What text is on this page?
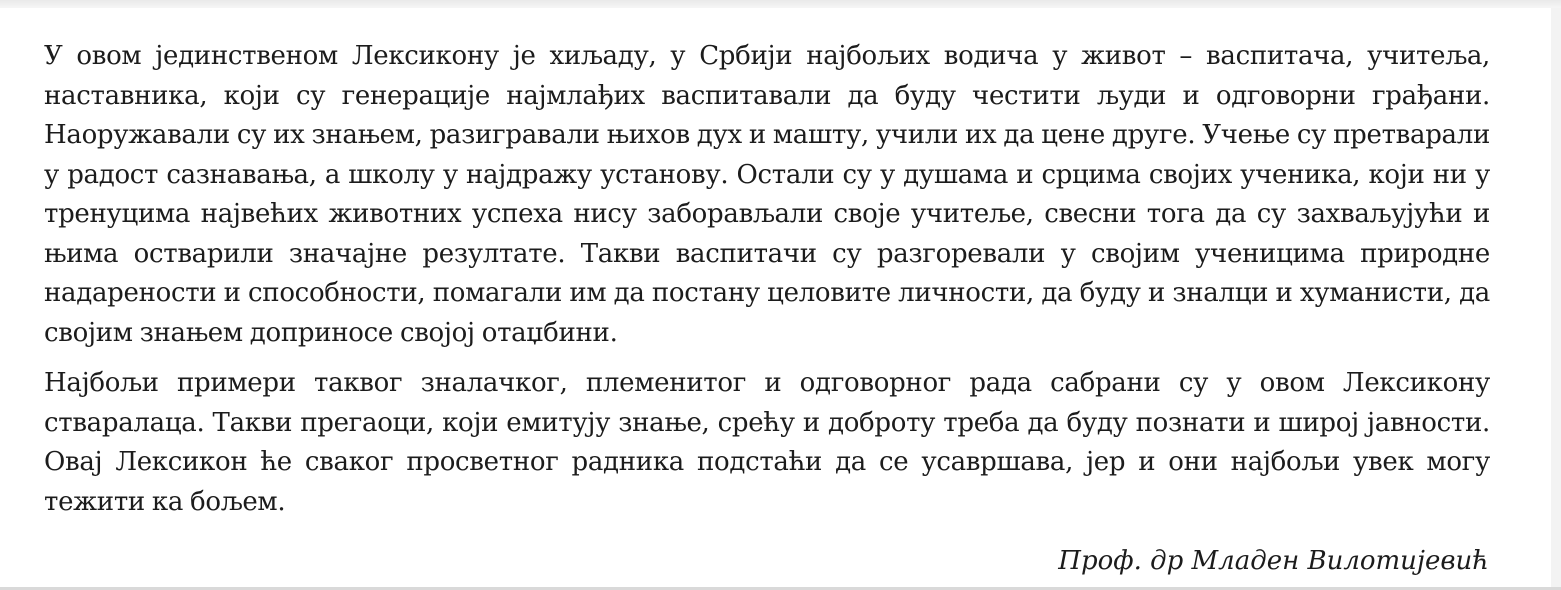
У овом јединственом Лексикону је хиљаду, у Србији најбољих водича у живот – васпитача, учитеља, наставника, који су генерације најмлађих васпитавали да буду честити људи и одговорни грађани. Наоружавали су их знањем, разигравали њихов дух и машту, учили их да цене друге. Учење су претварали у радост сазнавања, а школу у најдражу установу. Остали су у душама и срцима својих ученика, који ни у тренуцима највећих животних успеха нису заборављали своје учитеље, свесни тога да су захваљујући и њима остварили значајне резултате. Такви васпитачи су разгоревали у својим ученицима природне надарености и способности, помагали им да постану целовите личности, да буду и зналци и хуманисти, да својим знањем доприносе својој отаџбини.

Најбољи примери таквог зналачког, племенитог и одговорног рада сабрани су у овом Лексикону стваралаца. Такви прегаоци, који емитују знање, срећу и доброту треба да буду познати и широј јавности. Овај Лексикон ће сваког просветног радника подстаћи да се усавршава, јер и они најбољи увек могу тежити ка бољем.

Проф. др Младен Вилотијевић
